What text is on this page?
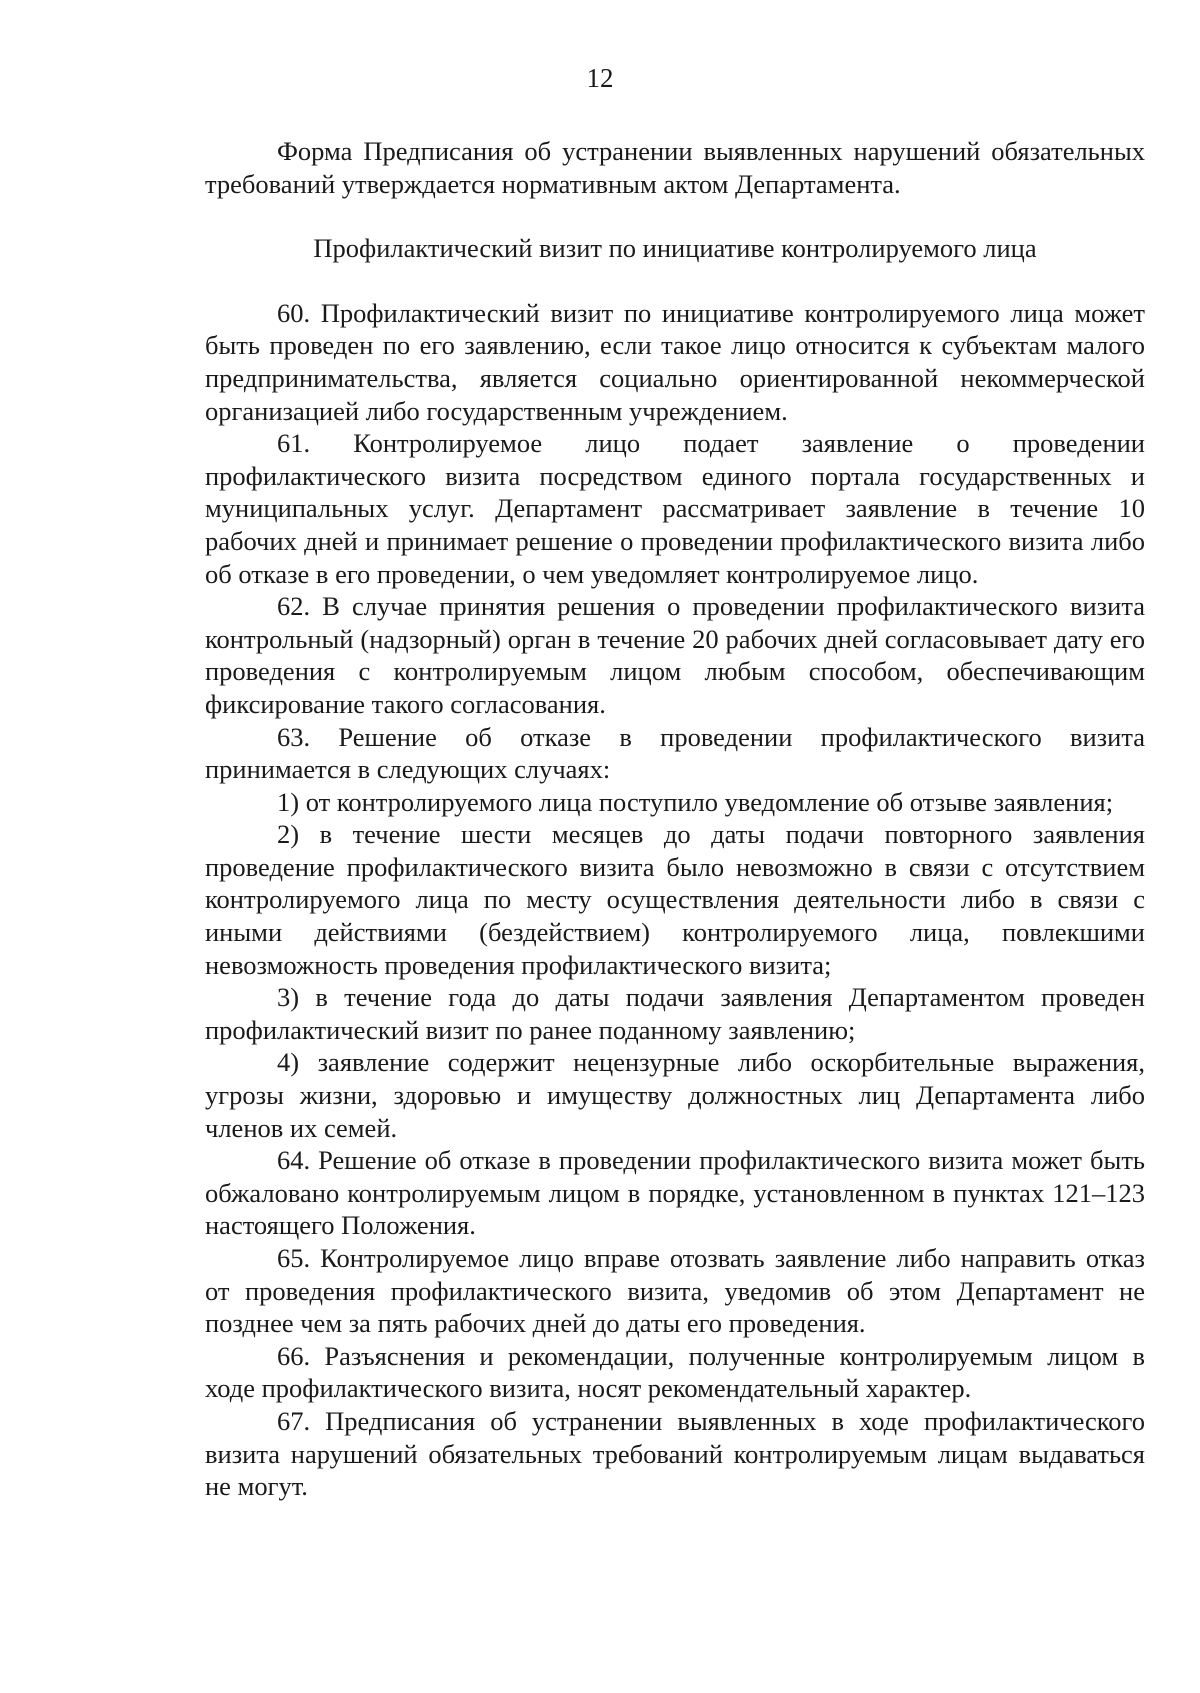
12

Форма Предписания об устранении выявленных нарушений обязательных требований утверждается нормативным актом Департамента.

Профилактический визит по инициативе контролируемого лица

60. Профилактический визит по инициативе контролируемого лица может быть проведен по его заявлению, если такое лицо относится к субъектам малого предпринимательства, является социально ориентированной некоммерческой организацией либо государственным учреждением.

61. Контролируемое лицо подает заявление о проведении профилактического визита посредством единого портала государственных и муниципальных услуг. Департамент рассматривает заявление в течение 10 рабочих дней и принимает решение о проведении профилактического визита либо об отказе в его проведении, о чем уведомляет контролируемое лицо.

62. В случае принятия решения о проведении профилактического визита контрольный (надзорный) орган в течение 20 рабочих дней согласовывает дату его проведения с контролируемым лицом любым способом, обеспечивающим фиксирование такого согласования.

63. Решение об отказе в проведении профилактического визита принимается в следующих случаях:

1) от контролируемого лица поступило уведомление об отзыве заявления;

2) в течение шести месяцев до даты подачи повторного заявления проведение профилактического визита было невозможно в связи с отсутствием контролируемого лица по месту осуществления деятельности либо в связи с иными действиями (бездействием) контролируемого лица, повлекшими невозможность проведения профилактического визита;

3) в течение года до даты подачи заявления Департаментом проведен профилактический визит по ранее поданному заявлению;

4) заявление содержит нецензурные либо оскорбительные выражения, угрозы жизни, здоровью и имуществу должностных лиц Департамента либо членов их семей.

64. Решение об отказе в проведении профилактического визита может быть обжаловано контролируемым лицом в порядке, установленном в пунктах 121–123 настоящего Положения.

65. Контролируемое лицо вправе отозвать заявление либо направить отказ от проведения профилактического визита, уведомив об этом Департамент не позднее чем за пять рабочих дней до даты его проведения.

66. Разъяснения и рекомендации, полученные контролируемым лицом в ходе профилактического визита, носят рекомендательный характер.

67. Предписания об устранении выявленных в ходе профилактического визита нарушений обязательных требований контролируемым лицам выдаваться не могут.
